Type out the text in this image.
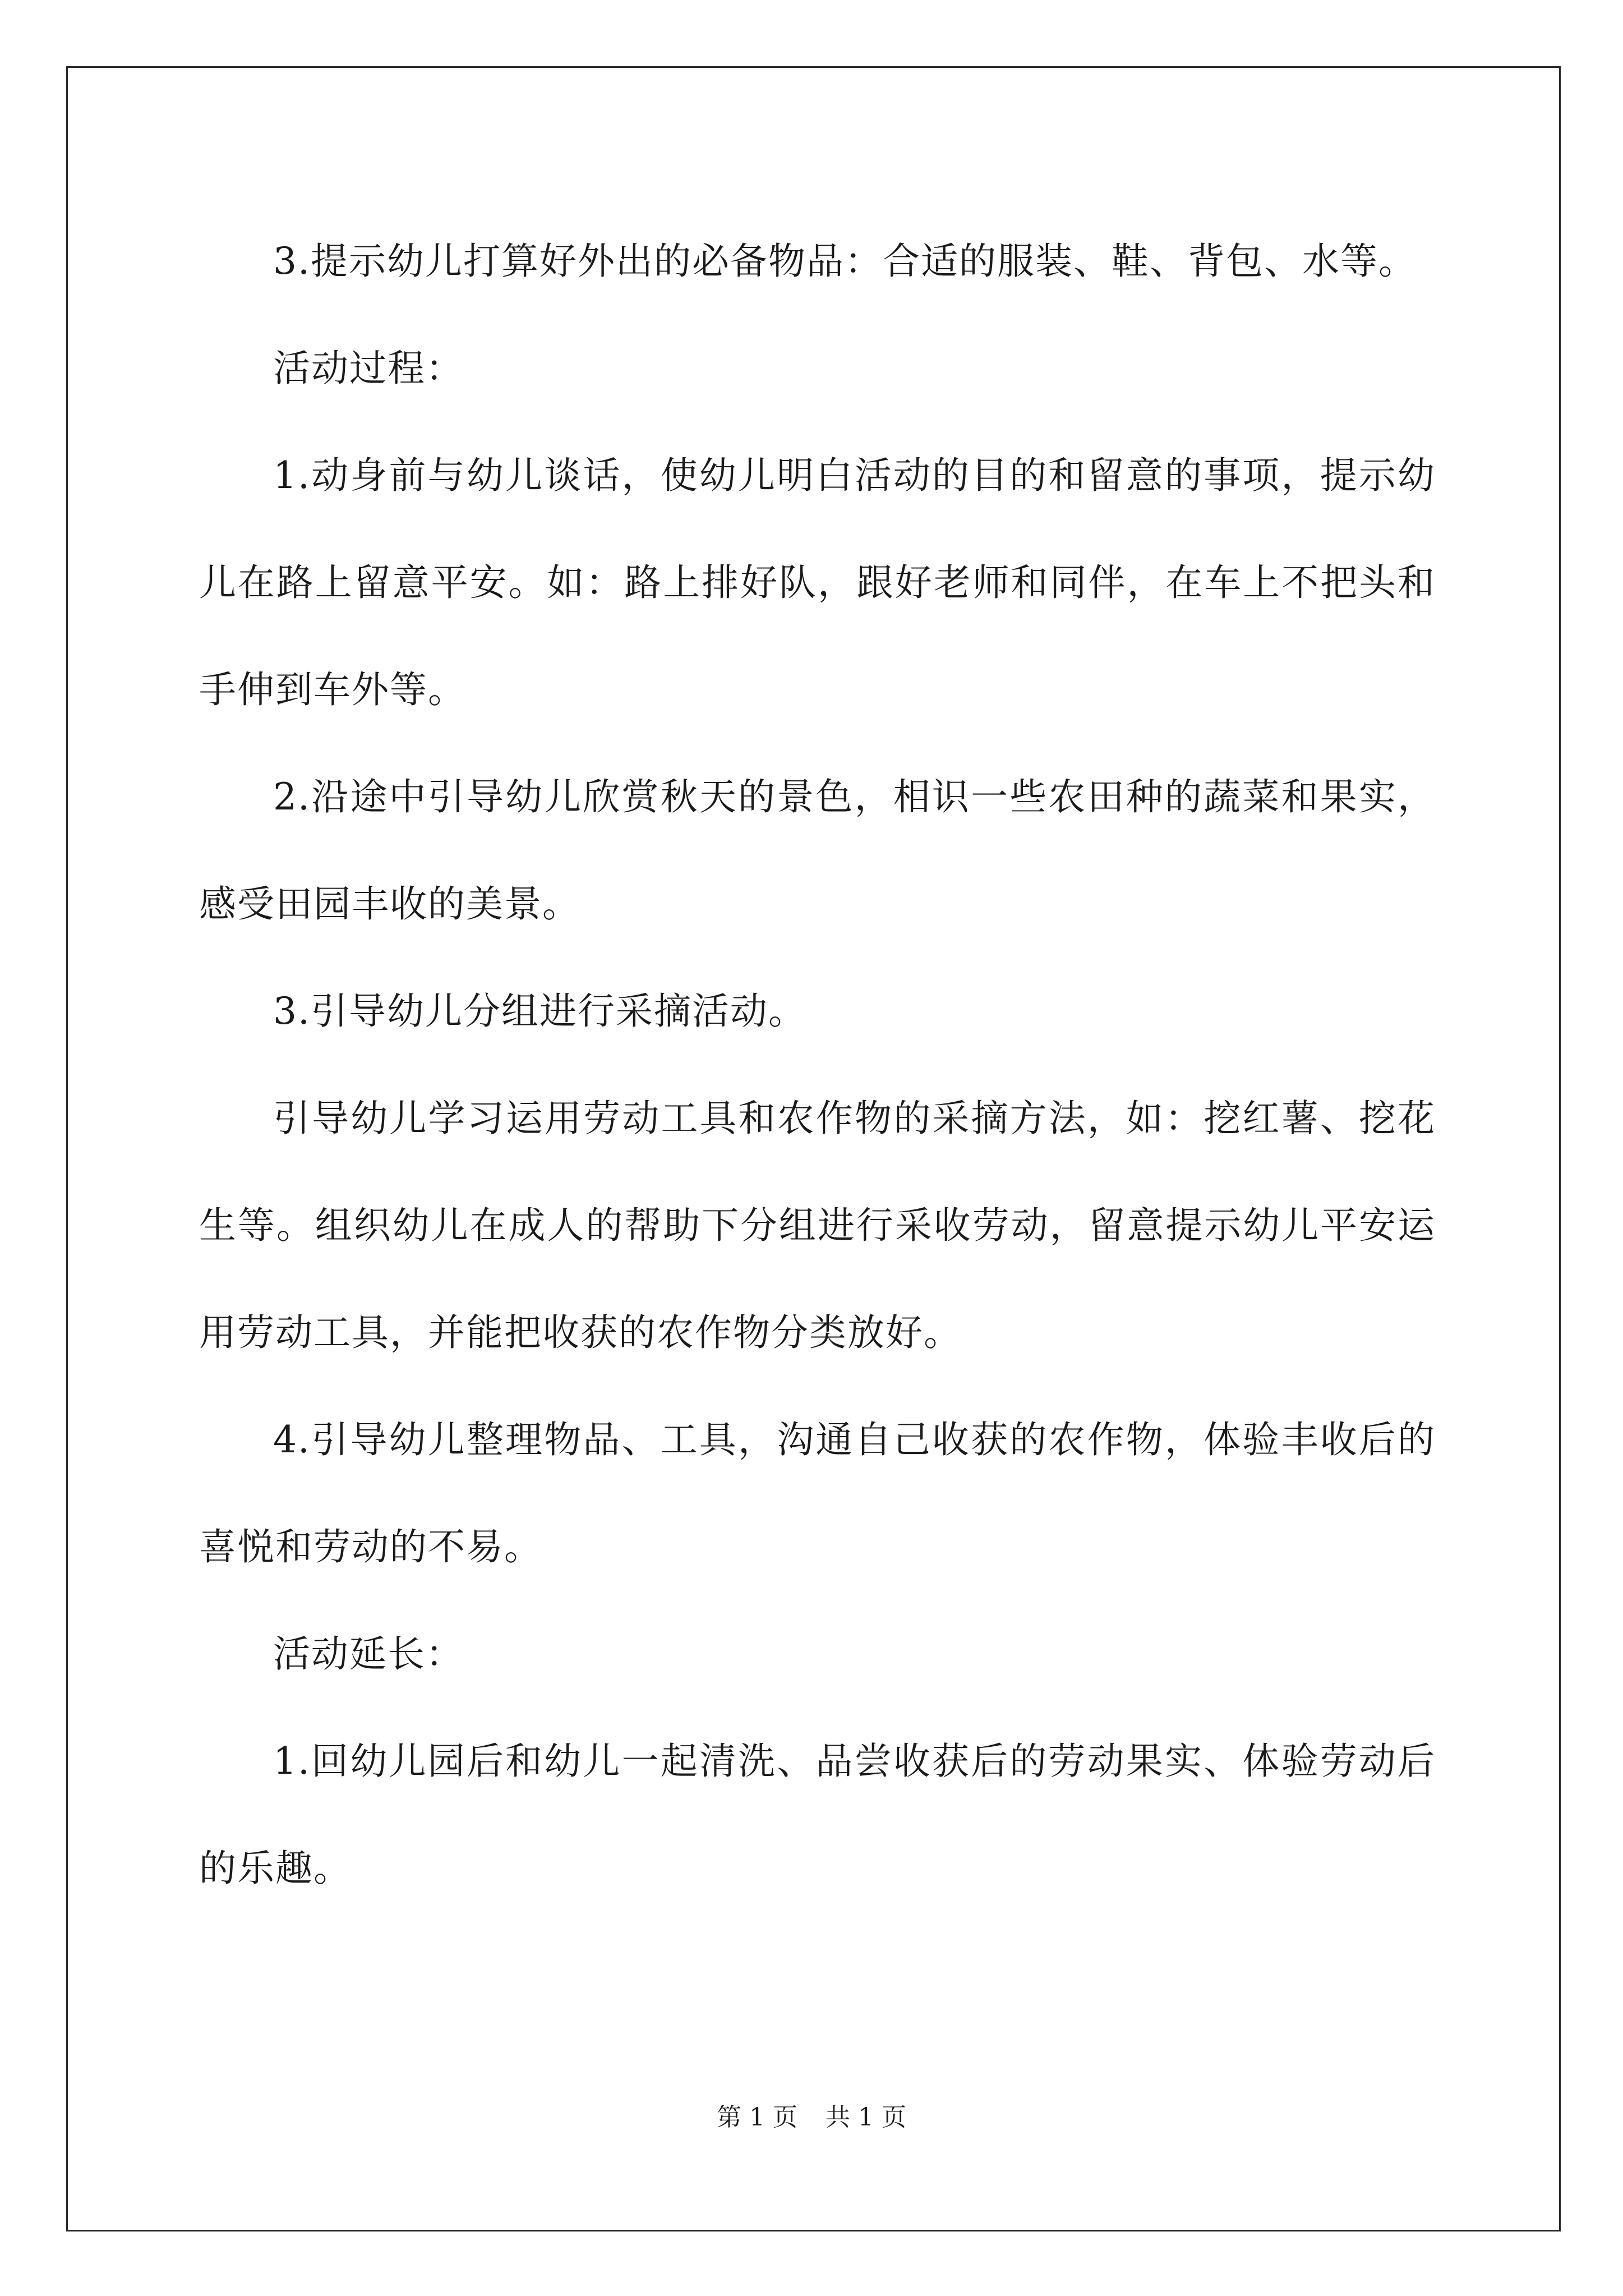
3.提示幼儿打算好外出的必备物品：合适的服装、鞋、背包、水等。

活动过程：

1.动身前与幼儿谈话，使幼儿明白活动的目的和留意的事项，提示幼儿在路上留意平安。如：路上排好队，跟好老师和同伴，在车上不把头和手伸到车外等。

2.沿途中引导幼儿欣赏秋天的景色，相识一些农田种的蔬菜和果实，感受田园丰收的美景。

3.引导幼儿分组进行采摘活动。

引导幼儿学习运用劳动工具和农作物的采摘方法，如：挖红薯、挖花生等。组织幼儿在成人的帮助下分组进行采收劳动，留意提示幼儿平安运用劳动工具，并能把收获的农作物分类放好。

4.引导幼儿整理物品、工具，沟通自己收获的农作物，体验丰收后的喜悦和劳动的不易。

活动延长：

1.回幼儿园后和幼儿一起清洗、品尝收获后的劳动果实、体验劳动后的乐趣。

第 1 页 共 1 页
